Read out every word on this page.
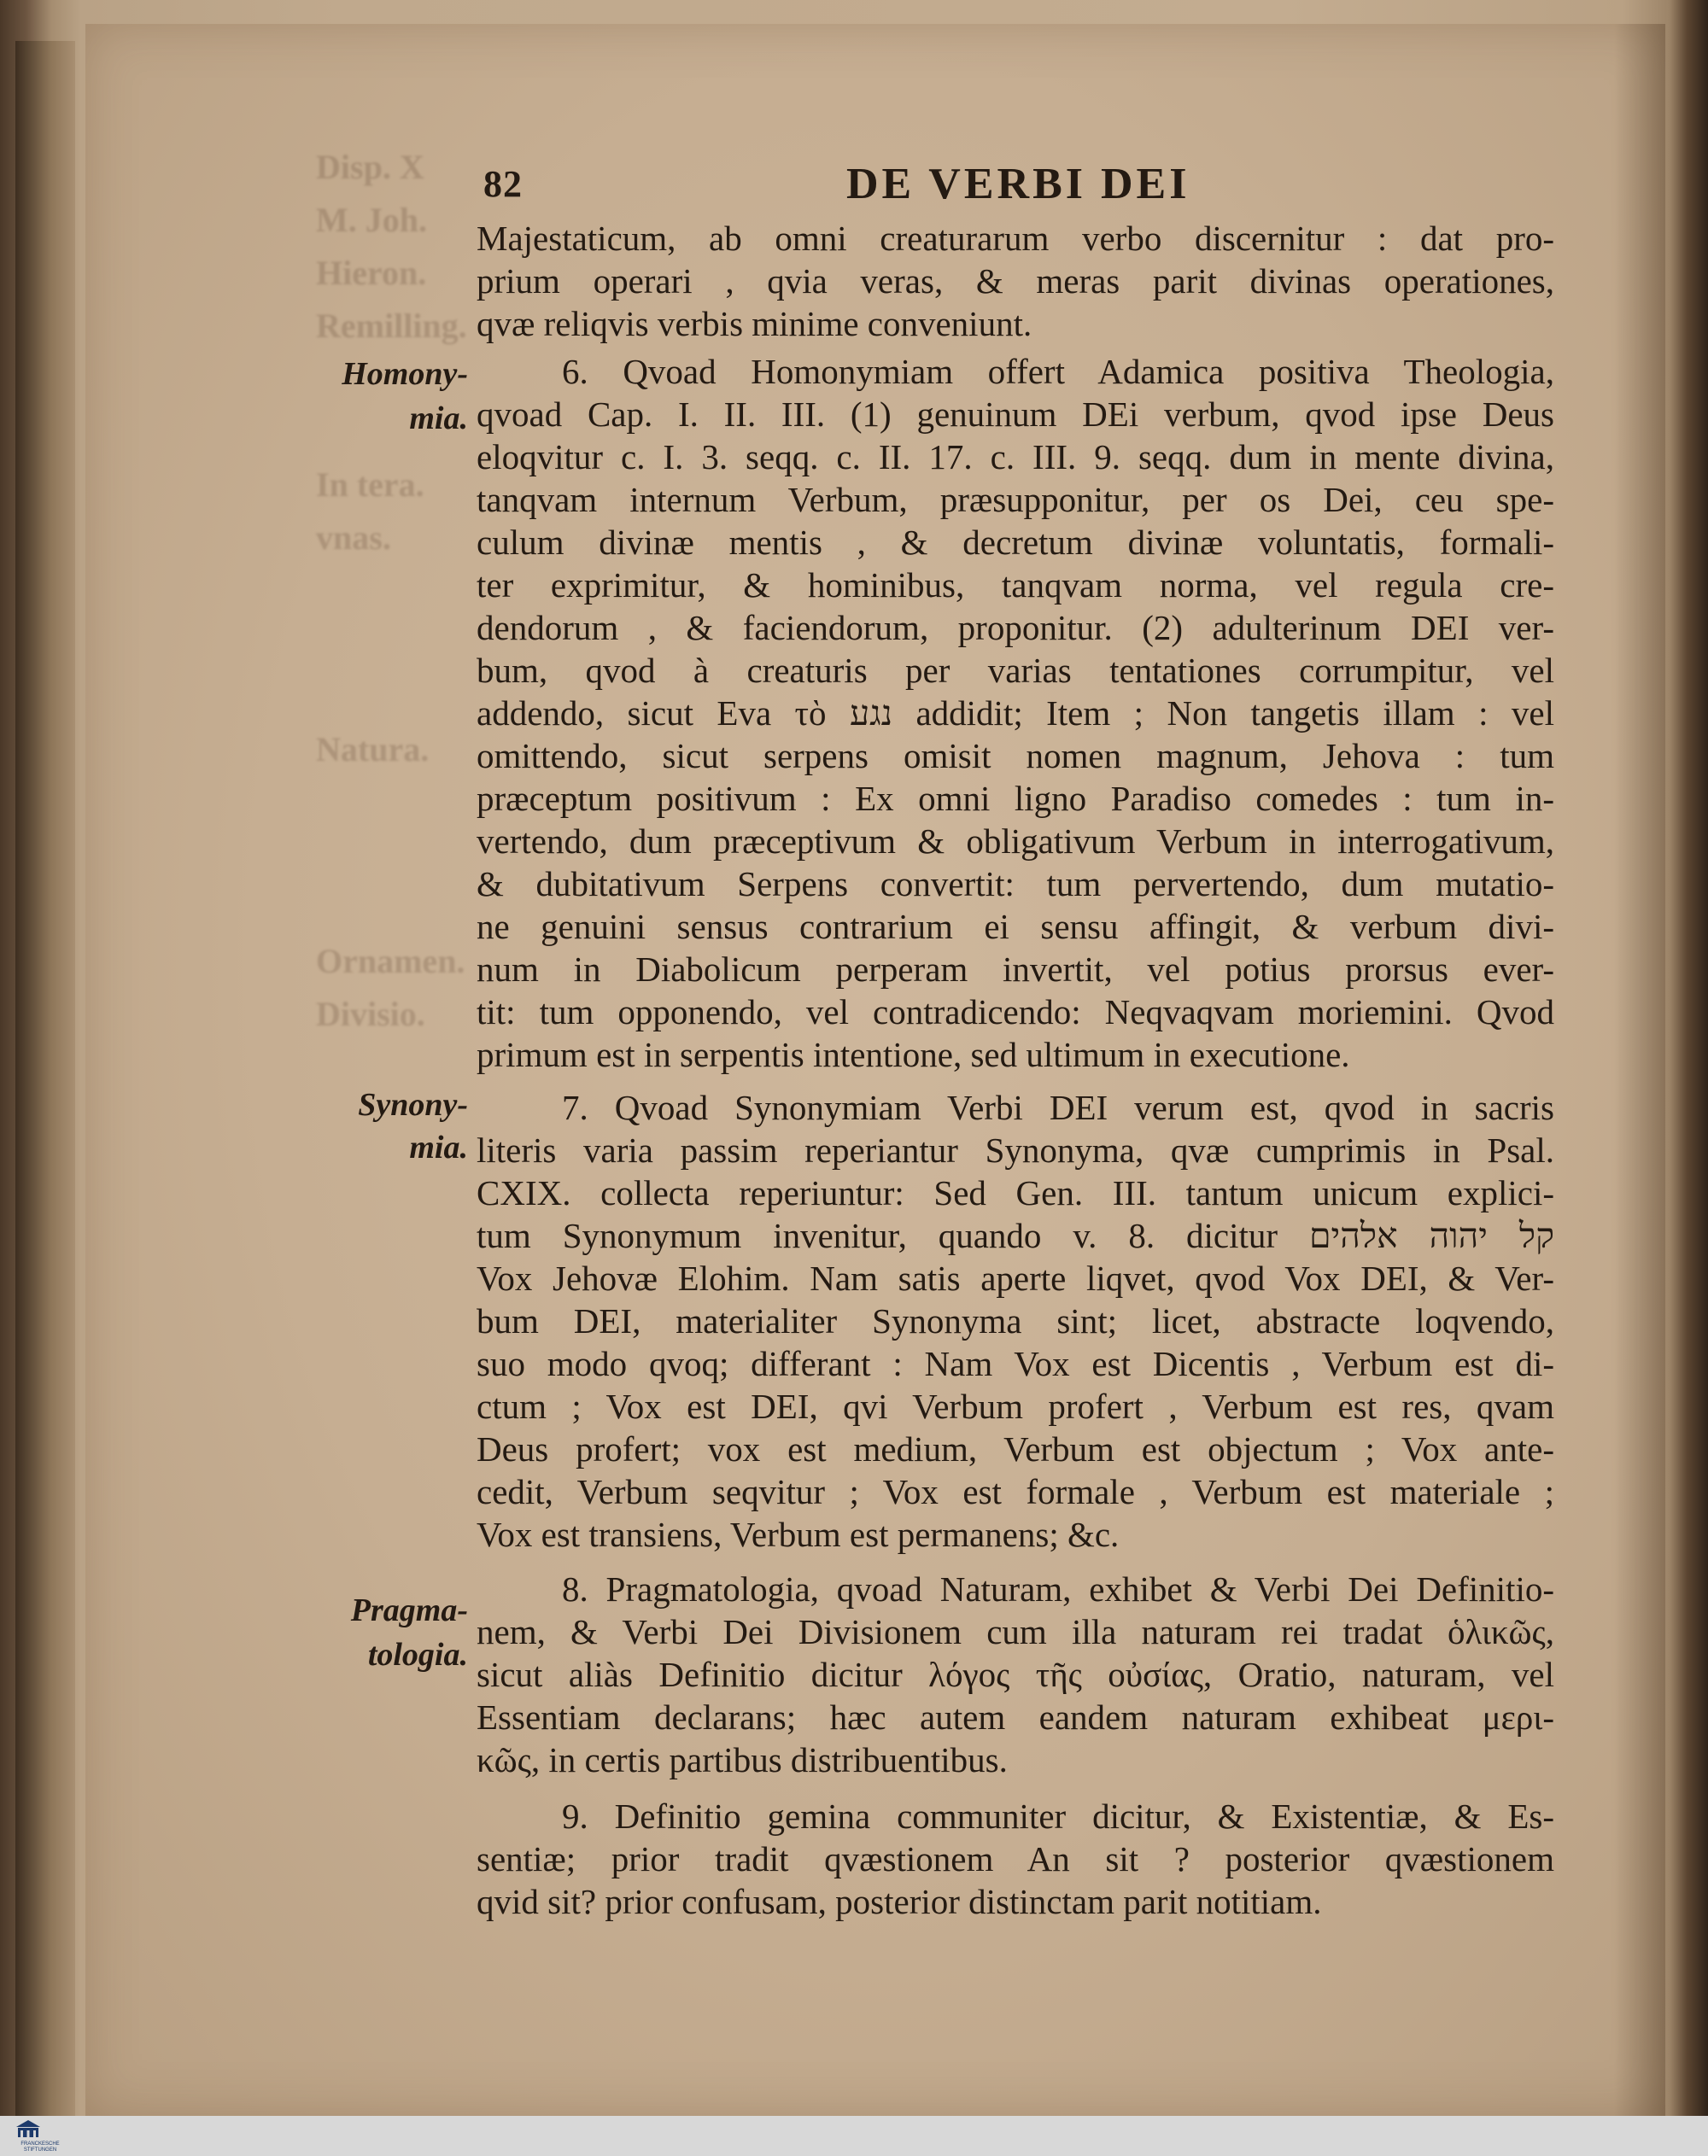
Disp. X
M. Joh.
Hieron.
Remilling.

In tera.
vnas.

Natura.

Ornamen.
Divisio.
82	DE VERBI DEI
Homony-
mia.
Synony-
mia.
Pragma-
tologia.
Majestaticum, ab omni creaturarum verbo discernitur : dat pro-
prium operari , qvia veras, & meras parit divinas operationes,
qvæ reliqvis verbis minime conveniunt.
6. Qvoad Homonymiam offert Adamica positiva Theologia,
qvoad Cap. I. II. III. (1) genuinum DEi verbum, qvod ipse Deus
eloqvitur c. I. 3. seqq. c. II. 17. c. III. 9. seqq. dum in mente divina,
tanqvam internum Verbum, præsupponitur, per os Dei, ceu spe-
culum divinæ mentis , & decretum divinæ voluntatis, formali-
ter exprimitur, & hominibus, tanqvam norma, vel regula cre-
dendorum , & faciendorum, proponitur. (2) adulterinum DEI ver-
bum, qvod à creaturis per varias tentationes corrumpitur, vel
addendo, sicut Eva τὸ נגע addidit; Item ; Non tangetis illam : vel
omittendo, sicut serpens omisit nomen magnum, Jehova : tum
præceptum positivum : Ex omni ligno Paradiso comedes : tum in-
vertendo, dum præceptivum & obligativum Verbum in interrogativum,
& dubitativum Serpens convertit: tum pervertendo, dum mutatio-
ne genuini sensus contrarium ei sensu affingit, & verbum divi-
num in Diabolicum perperam invertit, vel potius prorsus ever-
tit: tum opponendo, vel contradicendo: Neqvaqvam moriemini. Qvod
primum est in serpentis intentione, sed ultimum in executione.
7. Qvoad Synonymiam Verbi DEI verum est, qvod in sacris
literis varia passim reperiantur Synonyma, qvæ cumprimis in Psal.
CXIX. collecta reperiuntur: Sed Gen. III. tantum unicum explici-
tum Synonymum invenitur, quando v. 8. dicitur קל יהוה אלהים
Vox Jehovæ Elohim. Nam satis aperte liqvet, qvod Vox DEI, & Ver-
bum DEI, materialiter Synonyma sint; licet, abstracte loqvendo,
suo modo qvoq; differant : Nam Vox est Dicentis , Verbum est di-
ctum ; Vox est DEI, qvi Verbum profert , Verbum est res, qvam
Deus profert; vox est medium, Verbum est objectum ; Vox ante-
cedit, Verbum seqvitur ; Vox est formale , Verbum est materiale ;
Vox est transiens, Verbum est permanens; &c.
8. Pragmatologia, qvoad Naturam, exhibet & Verbi Dei Definitio-
nem, & Verbi Dei Divisionem cum illa naturam rei tradat ὁλικῶς,
sicut aliàs Definitio dicitur λόγος τῆς οὐσίας, Oratio, naturam, vel
Essentiam declarans; hæc autem eandem naturam exhibeat μερι-
κῶς, in certis partibus distribuentibus.
9. Definitio gemina communiter dicitur, & Existentiæ, & Es-
sentiæ; prior tradit qvæstionem An sit ? posterior qvæstionem
qvid sit? prior confusam, posterior distinctam parit notitiam.
FRANCKESCHE STIFTUNGEN
